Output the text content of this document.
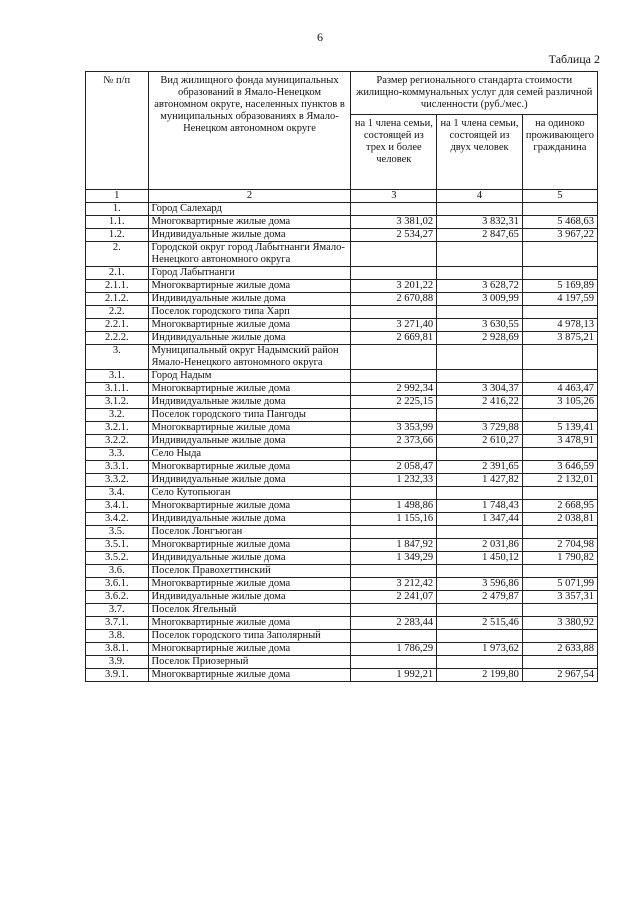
6
Таблица 2
№ п/п	Вид жилищного фонда муниципальных образований в Ямало-Ненецком автономном округе, населенных пунктов в муниципальных образованиях в Ямало-Ненецком автономном округе	Размер регионального стандарта стоимости жилищно-коммунальных услуг для семей различной численности (руб./мес.)		
		на 1 члена семьи, состоящей из трех и более человек	на 1 члена семьи, состоящей из двух человек	на одиноко проживающего гражданина
1	2	3	4	5
1.	Город Салехард			
1.1.	Многоквартирные жилые дома	3 381,02	3 832,31	5 468,63
1.2.	Индивидуальные жилые дома	2 534,27	2 847,65	3 967,22
2.	Городской округ город Лабытнанги Ямало-Ненецкого автономного округа			
2.1.	Город Лабытнанги			
2.1.1.	Многоквартирные жилые дома	3 201,22	3 628,72	5 169,89
2.1.2.	Индивидуальные жилые дома	2 670,88	3 009,99	4 197,59
2.2.	Поселок городского типа Харп			
2.2.1.	Многоквартирные жилые дома	3 271,40	3 630,55	4 978,13
2.2.2.	Индивидуальные жилые дома	2 669,81	2 928,69	3 875,21
3.	Муниципальный округ Надымский район Ямало-Ненецкого автономного округа			
3.1.	Город Надым			
3.1.1.	Многоквартирные жилые дома	2 992,34	3 304,37	4 463,47
3.1.2.	Индивидуальные жилые дома	2 225,15	2 416,22	3 105,26
3.2.	Поселок городского типа Пангоды			
3.2.1.	Многоквартирные жилые дома	3 353,99	3 729,88	5 139,41
3.2.2.	Индивидуальные жилые дома	2 373,66	2 610,27	3 478,91
3.3.	Село Ныда			
3.3.1.	Многоквартирные жилые дома	2 058,47	2 391,65	3 646,59
3.3.2.	Индивидуальные жилые дома	1 232,33	1 427,82	2 132,01
3.4.	Село Кутопьюган			
3.4.1.	Многоквартирные жилые дома	1 498,86	1 748,43	2 668,95
3.4.2.	Индивидуальные жилые дома	1 155,16	1 347,44	2 038,81
3.5.	Поселок Лонгъюган			
3.5.1.	Многоквартирные жилые дома	1 847,92	2 031,86	2 704,98
3.5.2.	Индивидуальные жилые дома	1 349,29	1 450,12	1 790,82
3.6.	Поселок Правохеттинский			
3.6.1.	Многоквартирные жилые дома	3 212,42	3 596,86	5 071,99
3.6.2.	Индивидуальные жилые дома	2 241,07	2 479,87	3 357,31
3.7.	Поселок Ягельный			
3.7.1.	Многоквартирные жилые дома	2 283,44	2 515,46	3 380,92
3.8.	Поселок городского типа Заполярный			
3.8.1.	Многоквартирные жилые дома	1 786,29	1 973,62	2 633,88
3.9.	Поселок Приозерный			
3.9.1.	Многоквартирные жилые дома	1 992,21	2 199,80	2 967,54
